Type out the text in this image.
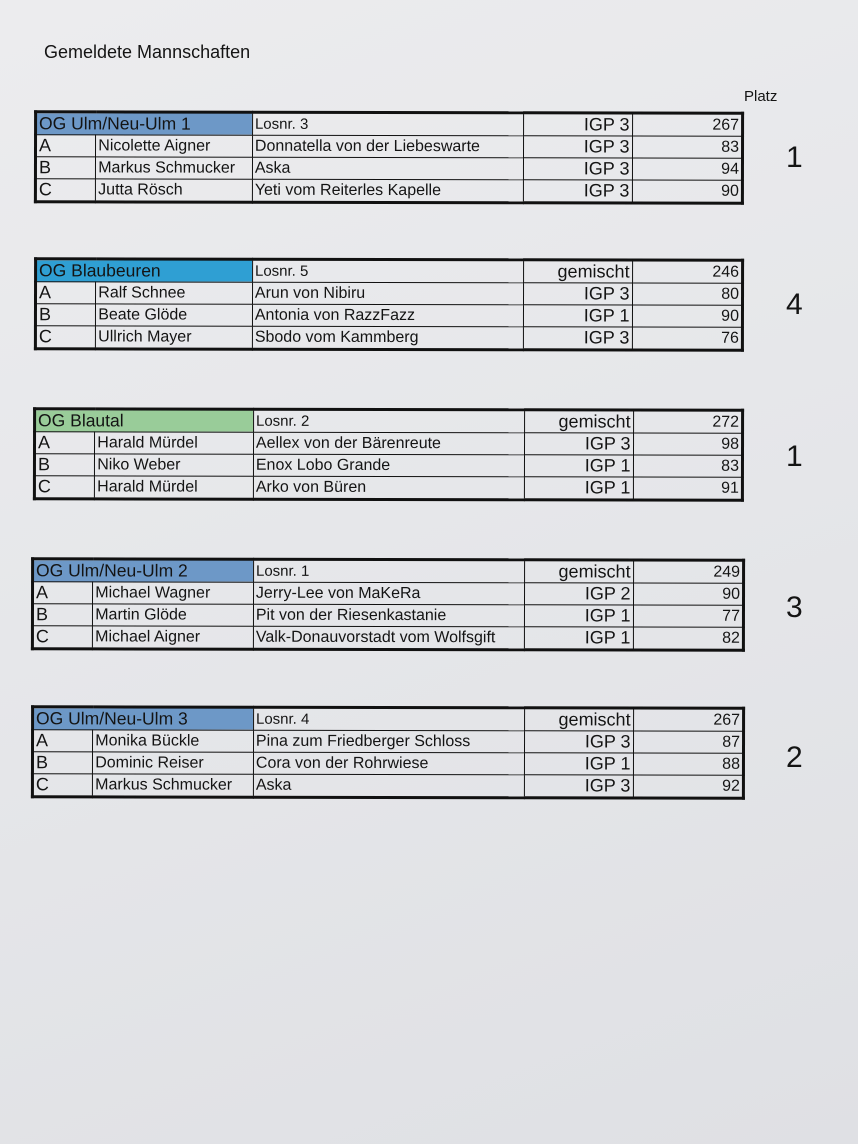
Gemeldete Mannschaften
Platz
OG Ulm/Neu-Ulm 1		Losnr. 3	IGP 3	267
A	Nicolette Aigner	Donnatella von der Liebeswarte	IGP 3	83
B	Markus Schmucker	Aska	IGP 3	94
C	Jutta Rösch	Yeti vom Reiterles Kapelle	IGP 3	90
1
OG Blaubeuren		Losnr. 5	gemischt	246
A	Ralf Schnee	Arun von Nibiru	IGP 3	80
B	Beate Glöde	Antonia von RazzFazz	IGP 1	90
C	Ullrich Mayer	Sbodo vom Kammberg	IGP 3	76
4
OG Blautal		Losnr. 2	gemischt	272
A	Harald Mürdel	Aellex von der Bärenreute	IGP 3	98
B	Niko Weber	Enox Lobo Grande	IGP 1	83
C	Harald Mürdel	Arko von Büren	IGP 1	91
1
OG Ulm/Neu-Ulm 2		Losnr. 1	gemischt	249
A	Michael Wagner	Jerry-Lee von MaKeRa	IGP 2	90
B	Martin Glöde	Pit von der Riesenkastanie	IGP 1	77
C	Michael Aigner	Valk-Donauvorstadt vom Wolfsgift	IGP 1	82
3
OG Ulm/Neu-Ulm 3		Losnr. 4	gemischt	267
A	Monika Bückle	Pina zum Friedberger Schloss	IGP 3	87
B	Dominic Reiser	Cora von der Rohrwiese	IGP 1	88
C	Markus Schmucker	Aska	IGP 3	92
2
